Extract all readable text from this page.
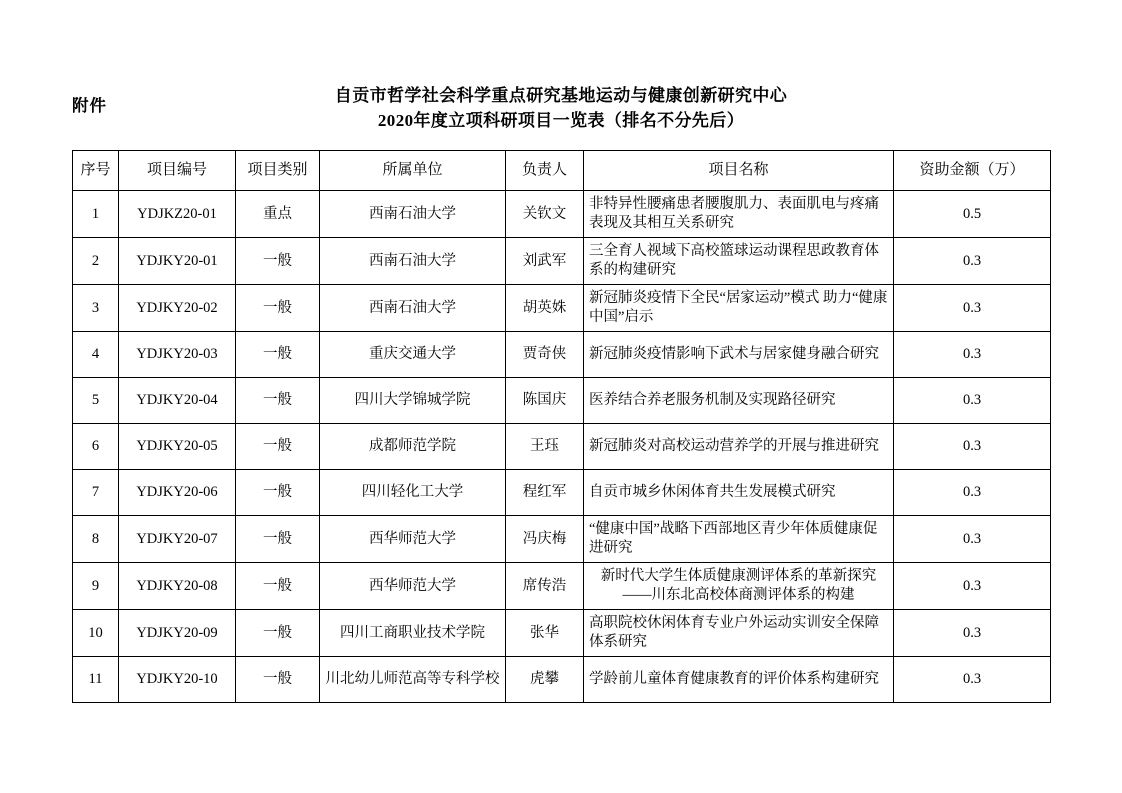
附件
自贡市哲学社会科学重点研究基地运动与健康创新研究中心
2020年度立项科研项目一览表（排名不分先后）
序号	项目编号	项目类别	所属单位	负责人	项目名称	资助金额（万）
1	YDJKZ20-01	重点	西南石油大学	关钦文	非特异性腰痛患者腰腹肌力、表面肌电与疼痛表现及其相互关系研究	0.5
2	YDJKY20-01	一般	西南石油大学	刘武军	三全育人视域下高校篮球运动课程思政教育体系的构建研究	0.3
3	YDJKY20-02	一般	西南石油大学	胡英姝	新冠肺炎疫情下全民“居家运动”模式 助力“健康中国”启示	0.3
4	YDJKY20-03	一般	重庆交通大学	贾奇侠	新冠肺炎疫情影响下武术与居家健身融合研究	0.3
5	YDJKY20-04	一般	四川大学锦城学院	陈国庆	医养结合养老服务机制及实现路径研究	0.3
6	YDJKY20-05	一般	成都师范学院	王珏	新冠肺炎对高校运动营养学的开展与推进研究	0.3
7	YDJKY20-06	一般	四川轻化工大学	程红军	自贡市城乡休闲体育共生发展模式研究	0.3
8	YDJKY20-07	一般	西华师范大学	冯庆梅	“健康中国”战略下西部地区青少年体质健康促进研究	0.3
9	YDJKY20-08	一般	西华师范大学	席传浩	新时代大学生体质健康测评体系的革新探究——川东北高校体商测评体系的构建	0.3
10	YDJKY20-09	一般	四川工商职业技术学院	张华	高职院校休闲体育专业户外运动实训安全保障体系研究	0.3
11	YDJKY20-10	一般	川北幼儿师范高等专科学校	虎攀	学龄前儿童体育健康教育的评价体系构建研究	0.3
